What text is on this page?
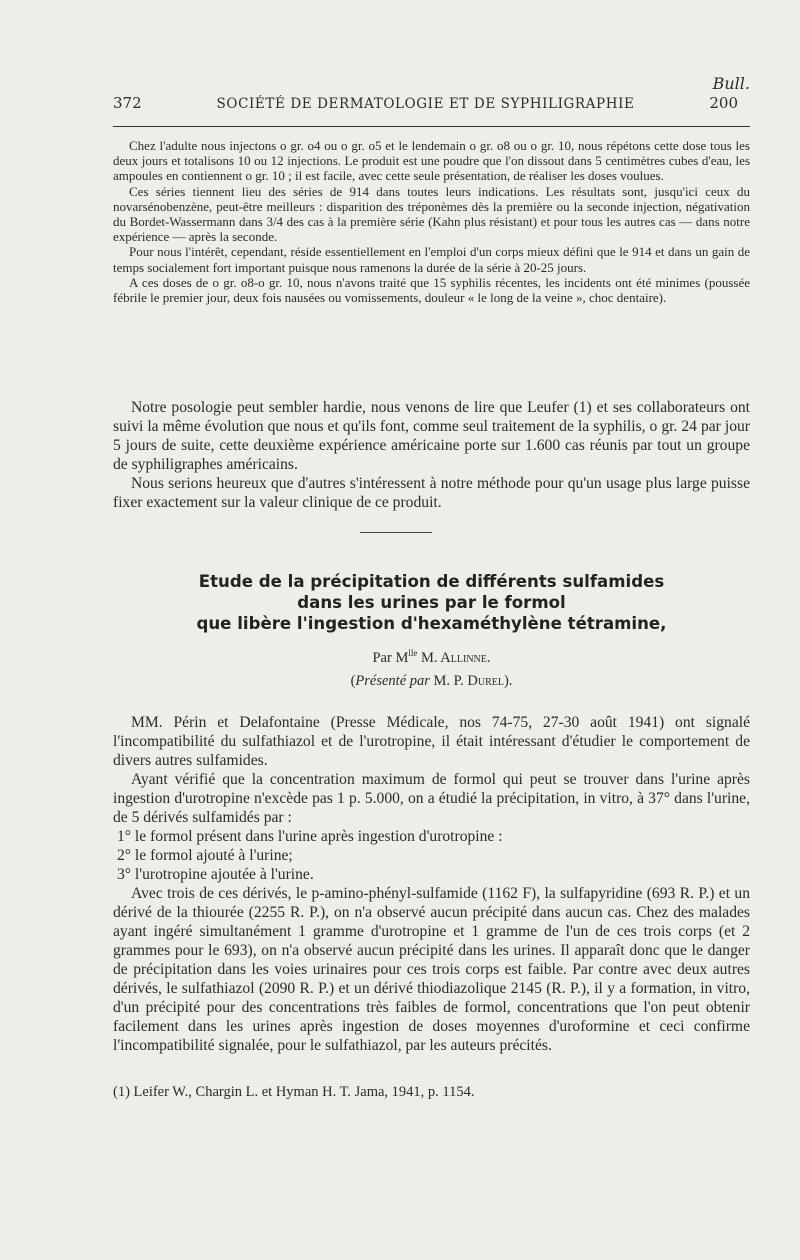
Bull.
372	SOCIÉTÉ DE DERMATOLOGIE ET DE SYPHILIGRAPHIE	200

Chez l'adulte nous injectons o gr. o4 ou o gr. o5 et le lendemain o gr. o8 ou o gr. 10, nous répétons cette dose tous les deux jours et totalisons 10 ou 12 injections. Le produit est une poudre que l'on dissout dans 5 centimètres cubes d'eau, les ampoules en contiennent o gr. 10 ; il est facile, avec cette seule présentation, de réaliser les doses voulues.

Ces séries tiennent lieu des séries de 914 dans toutes leurs indications. Les résultats sont, jusqu'ici ceux du novarsénobenzène, peut-être meilleurs : disparition des tréponèmes dès la première ou la seconde injection, négativation du Bordet-Wassermann dans 3/4 des cas à la première série (Kahn plus résistant) et pour tous les autres cas — dans notre expérience — après la seconde.

Pour nous l'intérêt, cependant, réside essentiellement en l'emploi d'un corps mieux défini que le 914 et dans un gain de temps socialement fort important puisque nous ramenons la durée de la série à 20-25 jours.

A ces doses de o gr. o8-o gr. 10, nous n'avons traité que 15 syphilis récentes, les incidents ont été minimes (poussée fébrile le premier jour, deux fois nausées ou vomissements, douleur « le long de la veine », choc dentaire).

Notre posologie peut sembler hardie, nous venons de lire que Leufer (1) et ses collaborateurs ont suivi la même évolution que nous et qu'ils font, comme seul traitement de la syphilis, o gr. 24 par jour 5 jours de suite, cette deuxième expérience américaine porte sur 1.600 cas réunis par tout un groupe de syphiligraphes américains.

Nous serions heureux que d'autres s'intéressent à notre méthode pour qu'un usage plus large puisse fixer exactement sur la valeur clinique de ce produit.

Etude de la précipitation de différents sulfamides
dans les urines par le formol
que libère l'ingestion d'hexaméthylène tétramine,
Par $M^{lle}$ M. Allinne.
(Présenté par M. P. Durel).

MM. Périn et Delafontaine (Presse Médicale, nos 74-75, 27-30 août 1941) ont signalé l'incompatibilité du sulfathiazol et de l'urotropine, il était intéressant d'étudier le comportement de divers autres sulfamides.

Ayant vérifié que la concentration maximum de formol qui peut se trouver dans l'urine après ingestion d'urotropine n'excède pas 1 p. 5.000, on a étudié la précipitation, in vitro, à 37° dans l'urine, de 5 dérivés sulfamidés par :

1° le formol présent dans l'urine après ingestion d'urotropine :

2° le formol ajouté à l'urine;

3° l'urotropine ajoutée à l'urine.

Avec trois de ces dérivés, le p-amino-phényl-sulfamide (1162 F), la sulfapyridine (693 R. P.) et un dérivé de la thiourée (2255 R. P.), on n'a observé aucun précipité dans aucun cas. Chez des malades ayant ingéré simultanément 1 gramme d'urotropine et 1 gramme de l'un de ces trois corps (et 2 grammes pour le 693), on n'a observé aucun précipité dans les urines. Il apparaît donc que le danger de précipitation dans les voies urinaires pour ces trois corps est faible. Par contre avec deux autres dérivés, le sulfathiazol (2090 R. P.) et un dérivé thiodiazolique 2145 (R. P.), il y a formation, in vitro, d'un précipité pour des concentrations très faibles de formol, concentrations que l'on peut obtenir facilement dans les urines après ingestion de doses moyennes d'uroformine et ceci confirme l'incompatibilité signalée, pour le sulfathiazol, par les auteurs précités.

(1) Leifer W., Chargin L. et Hyman H. T. Jama, 1941, p. 1154.
